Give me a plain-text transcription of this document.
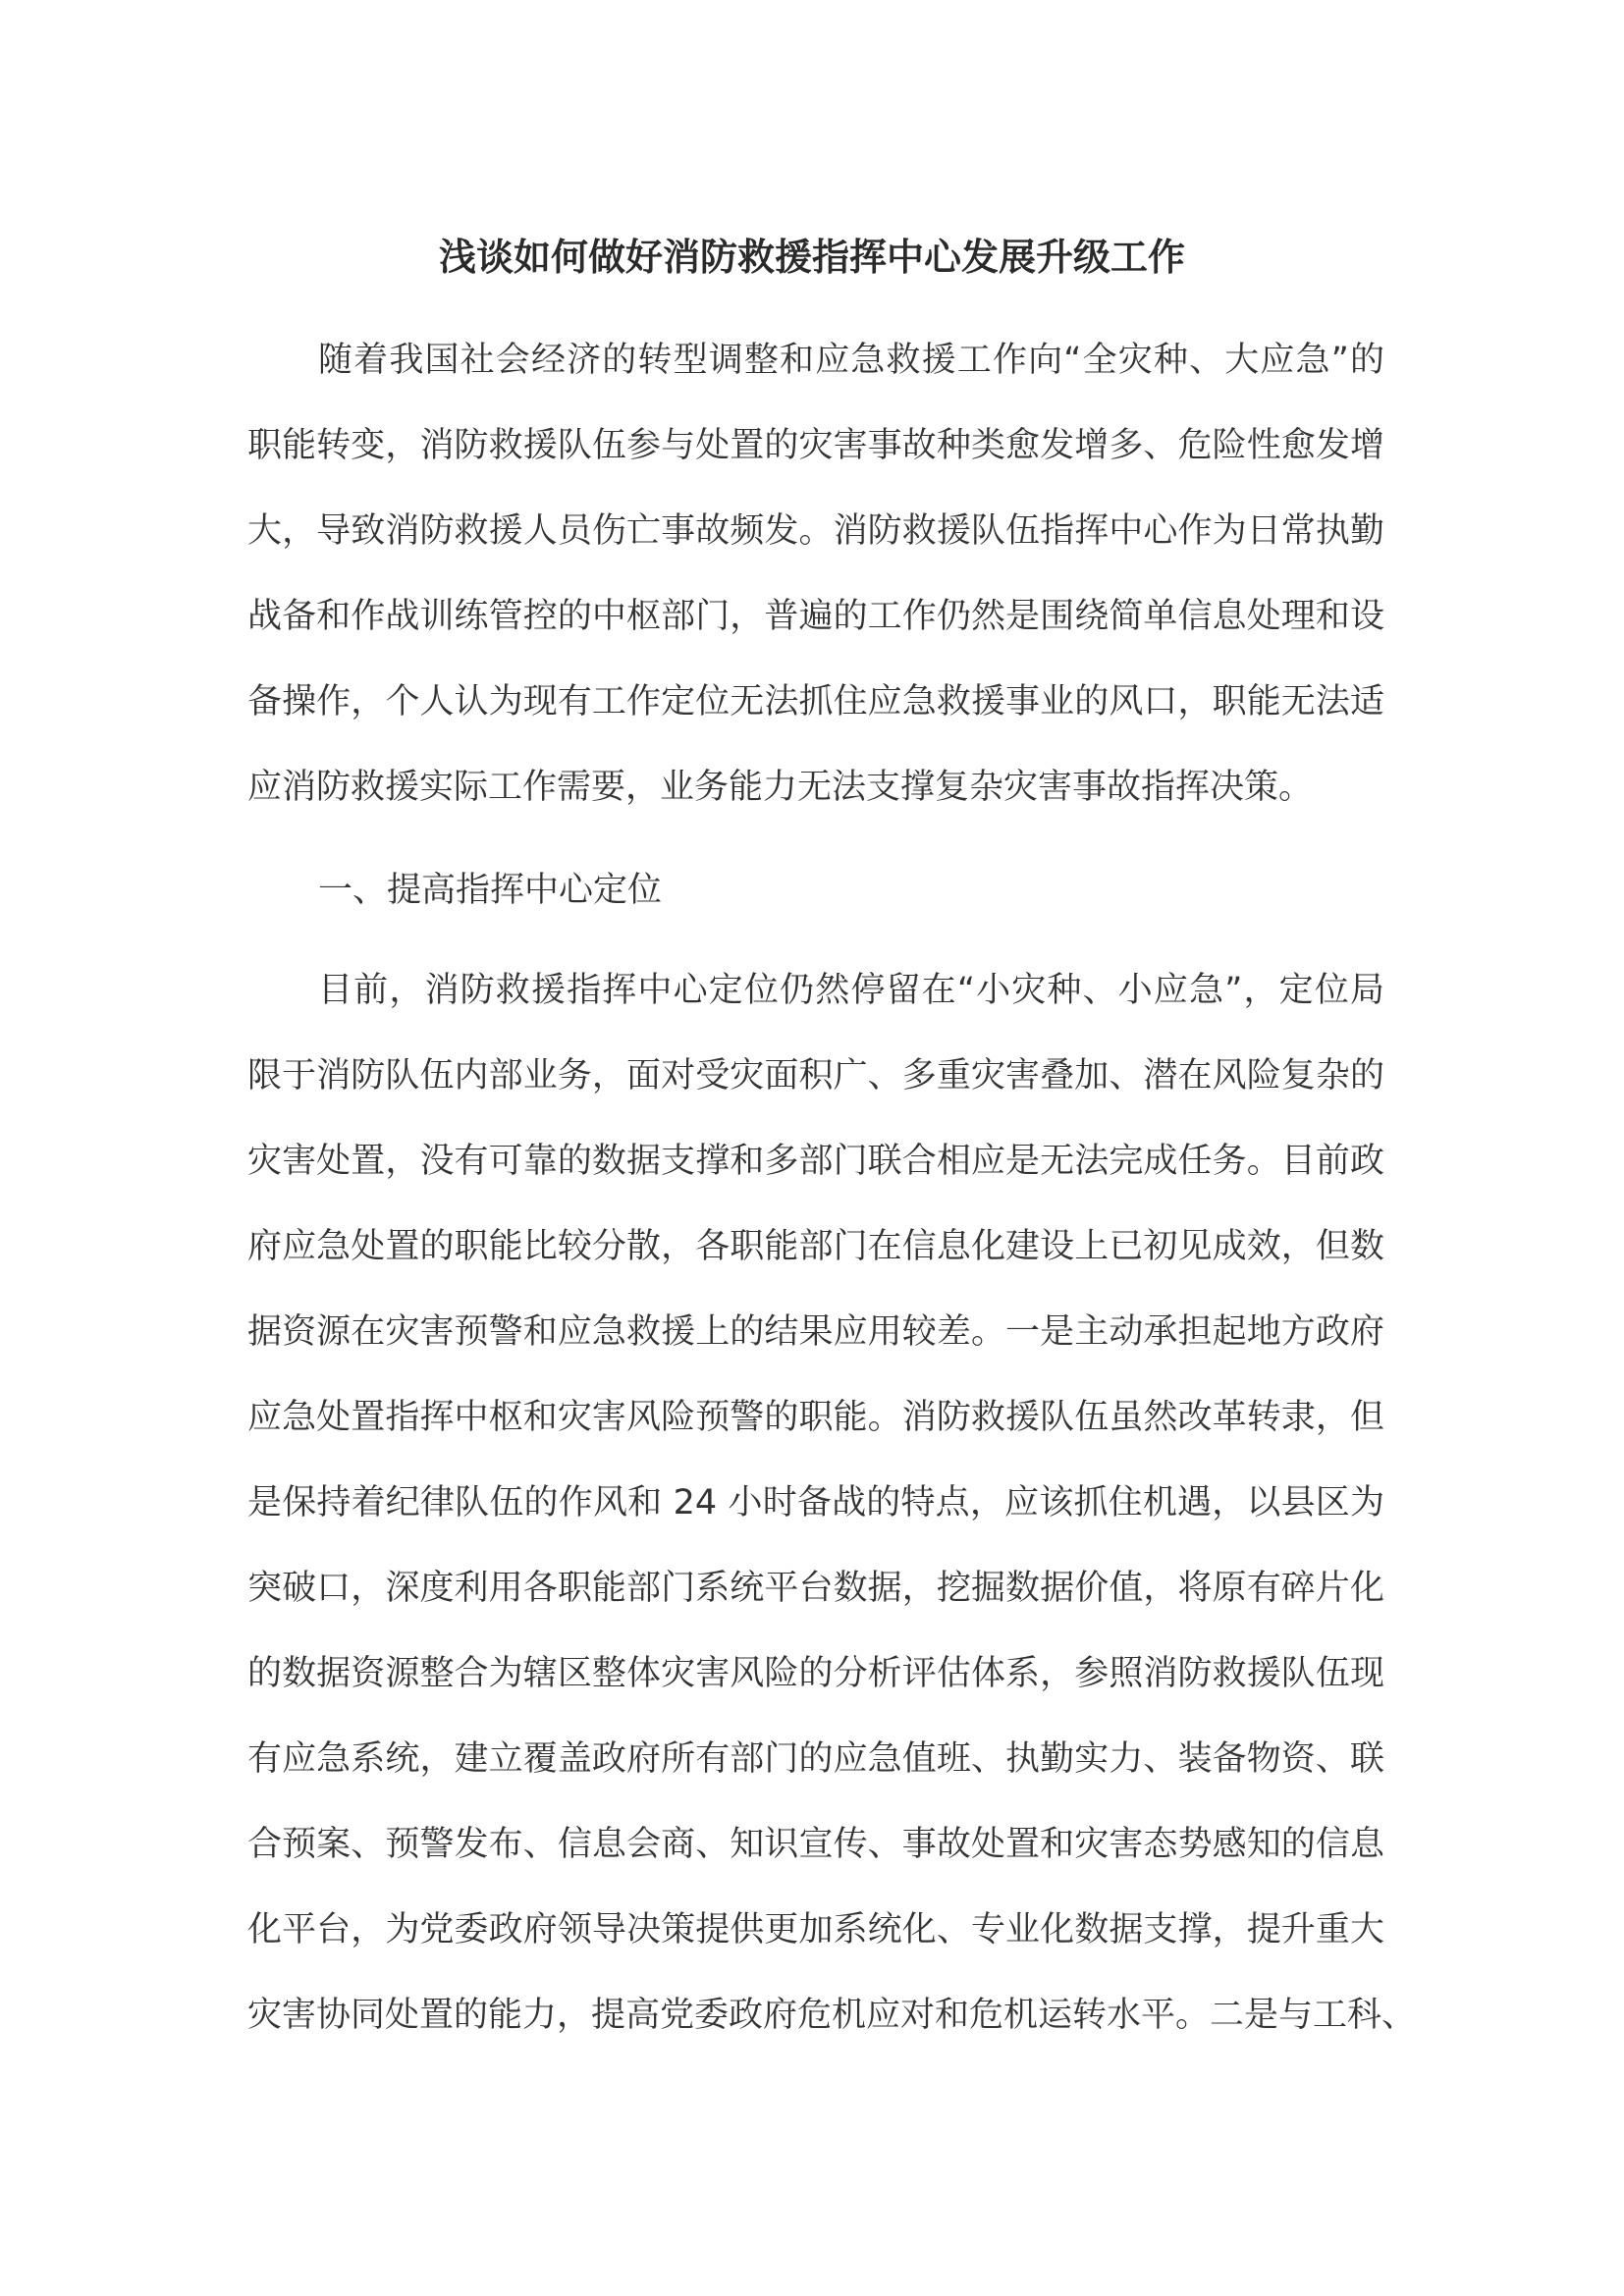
浅谈如何做好消防救援指挥中心发展升级工作
随着我国社会经济的转型调整和应急救援工作向“全灾种、大应急”的
职能转变，消防救援队伍参与处置的灾害事故种类愈发增多、危险性愈发增
大，导致消防救援人员伤亡事故频发。消防救援队伍指挥中心作为日常执勤
战备和作战训练管控的中枢部门，普遍的工作仍然是围绕简单信息处理和设
备操作，个人认为现有工作定位无法抓住应急救援事业的风口，职能无法适
应消防救援实际工作需要，业务能力无法支撑复杂灾害事故指挥决策。
一、提高指挥中心定位
目前，消防救援指挥中心定位仍然停留在“小灾种、小应急”，定位局
限于消防队伍内部业务，面对受灾面积广、多重灾害叠加、潜在风险复杂的
灾害处置，没有可靠的数据支撑和多部门联合相应是无法完成任务。目前政
府应急处置的职能比较分散，各职能部门在信息化建设上已初见成效，但数
据资源在灾害预警和应急救援上的结果应用较差。一是主动承担起地方政府
应急处置指挥中枢和灾害风险预警的职能。消防救援队伍虽然改革转隶，但
是保持着纪律队伍的作风和 24 小时备战的特点，应该抓住机遇，以县区为
突破口，深度利用各职能部门系统平台数据，挖掘数据价值，将原有碎片化
的数据资源整合为辖区整体灾害风险的分析评估体系，参照消防救援队伍现
有应急系统，建立覆盖政府所有部门的应急值班、执勤实力、装备物资、联
合预案、预警发布、信息会商、知识宣传、事故处置和灾害态势感知的信息
化平台，为党委政府领导决策提供更加系统化、专业化数据支撑，提升重大
灾害协同处置的能力，提高党委政府危机应对和危机运转水平。二是与工科、
